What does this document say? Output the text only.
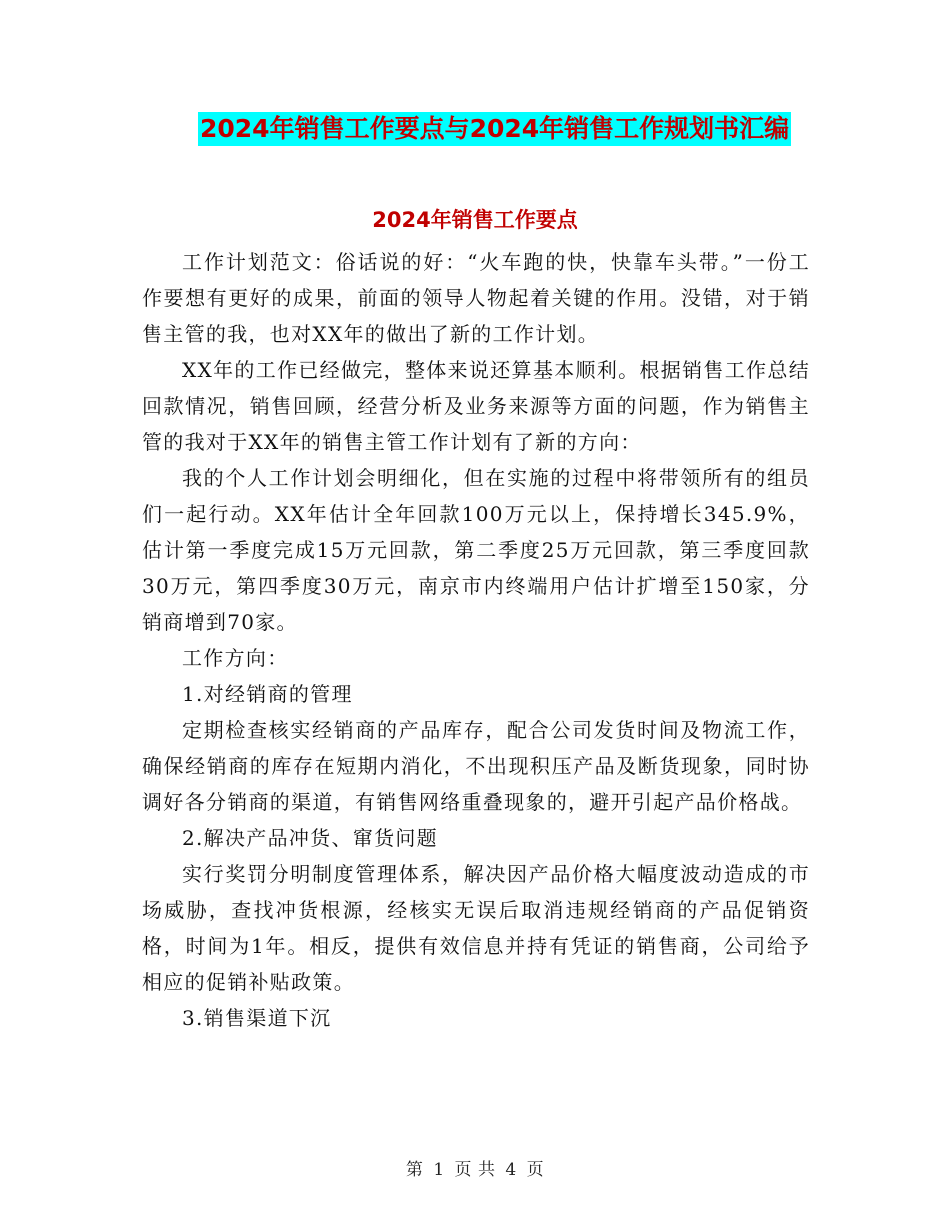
2024年销售工作要点与2024年销售工作规划书汇编
2024年销售工作要点

工作计划范文：俗话说的好：“火车跑的快，快靠车头带。”一份工作要想有更好的成果，前面的领导人物起着关键的作用。没错，对于销售主管的我，也对XX年的做出了新的工作计划。

XX年的工作已经做完，整体来说还算基本顺利。根据销售工作总结回款情况，销售回顾，经营分析及业务来源等方面的问题，作为销售主管的我对于XX年的销售主管工作计划有了新的方向：

我的个人工作计划会明细化，但在实施的过程中将带领所有的组员们一起行动。XX年估计全年回款100万元以上，保持增长345.9%，估计第一季度完成15万元回款，第二季度25万元回款，第三季度回款30万元，第四季度30万元，南京市内终端用户估计扩增至150家，分销商增到70家。

工作方向：

1.对经销商的管理

定期检查核实经销商的产品库存，配合公司发货时间及物流工作，确保经销商的库存在短期内消化，不出现积压产品及断货现象，同时协调好各分销商的渠道，有销售网络重叠现象的，避开引起产品价格战。

2.解决产品冲货、窜货问题

实行奖罚分明制度管理体系，解决因产品价格大幅度波动造成的市场威胁，查找冲货根源，经核实无误后取消违规经销商的产品促销资格，时间为1年。相反，提供有效信息并持有凭证的销售商，公司给予相应的促销补贴政策。

3.销售渠道下沉

第 1 页 共 4 页
